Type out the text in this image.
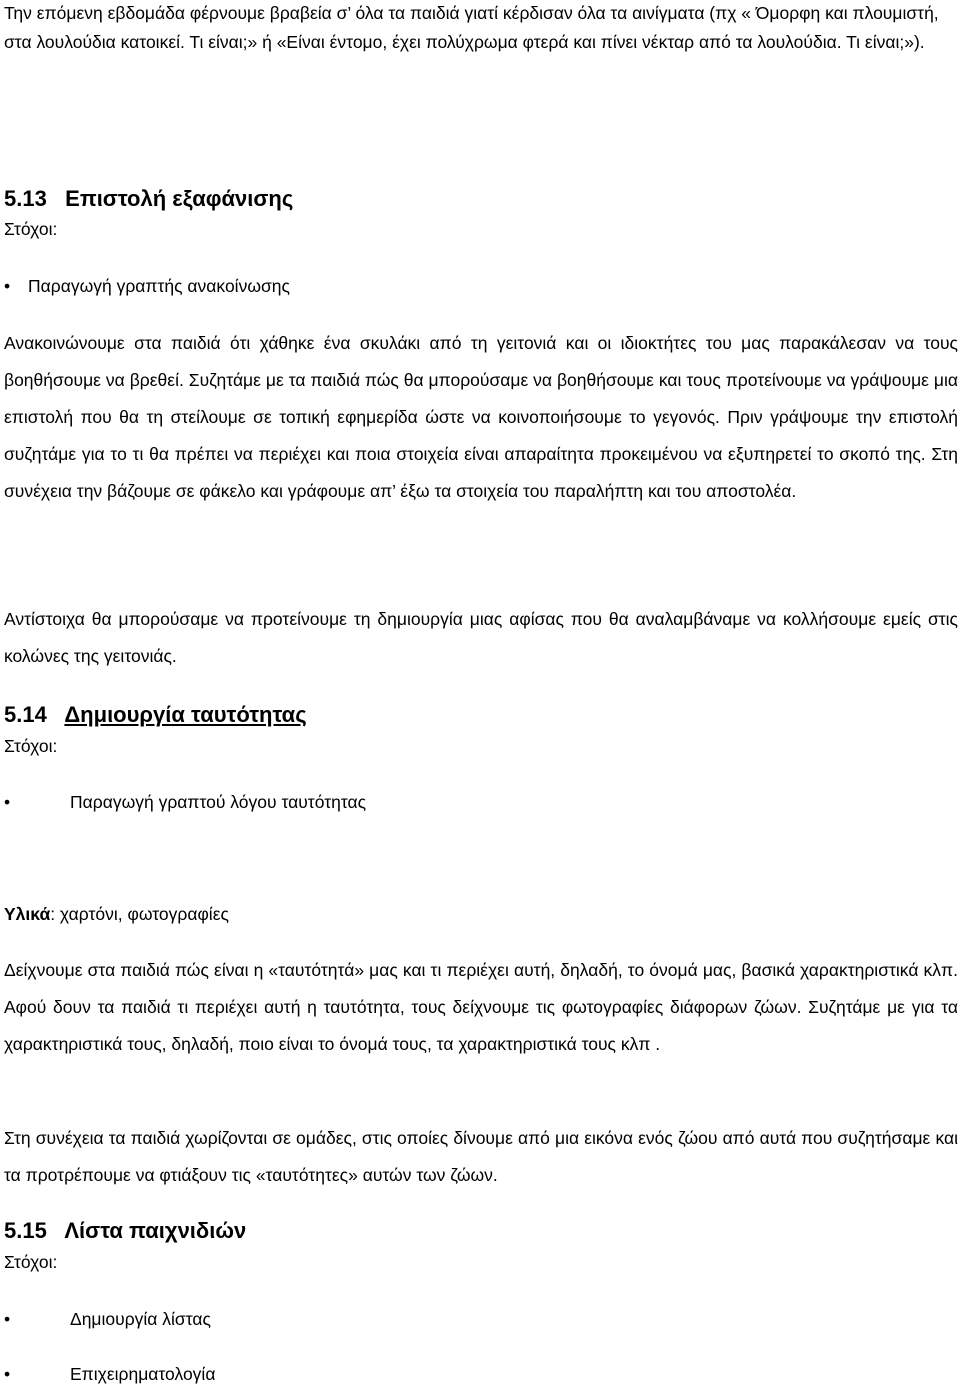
Την επόμενη εβδομάδα φέρνουμε βραβεία σ’ όλα τα παιδιά γιατί κέρδισαν όλα τα αινίγματα (πχ « Όμορφη και πλουμιστή, στα λουλούδια κατοικεί. Τι είναι;» ή «Είναι έντομο, έχει πολύχρωμα φτερά και πίνει νέκταρ από τα λουλούδια. Τι είναι;»).

5.13 Επιστολή εξαφάνισης
Στόχοι:
• Παραγωγή γραπτής ανακοίνωσης

Ανακοινώνουμε στα παιδιά ότι χάθηκε ένα σκυλάκι από τη γειτονιά και οι ιδιοκτήτες του μας παρακάλεσαν να τους βοηθήσουμε να βρεθεί. Συζητάμε με τα παιδιά πώς θα μπορούσαμε να βοηθήσουμε και τους προτείνουμε να γράψουμε μια επιστολή που θα τη στείλουμε σε τοπική εφημερίδα ώστε να κοινοποιήσουμε το γεγονός. Πριν γράψουμε την επιστολή συζητάμε για το τι θα πρέπει να περιέχει και ποια στοιχεία είναι απαραίτητα προκειμένου να εξυπηρετεί το σκοπό της. Στη συνέχεια την βάζουμε σε φάκελο και γράφουμε απ’ έξω τα στοιχεία του παραλήπτη και του αποστολέα.

Αντίστοιχα θα μπορούσαμε να προτείνουμε τη δημιουργία μιας αφίσας που θα αναλαμβάναμε να κολλήσουμε εμείς στις κολώνες της γειτονιάς.

5.14 Δημιουργία ταυτότητας
Στόχοι:
•	Παραγωγή γραπτού λόγου ταυτότητας
Υλικά: χαρτόνι, φωτογραφίες

Δείχνουμε στα παιδιά πώς είναι η «ταυτότητά» μας και τι περιέχει αυτή, δηλαδή, το όνομά μας, βασικά χαρακτηριστικά κλπ. Αφού δουν τα παιδιά τι περιέχει αυτή η ταυτότητα, τους δείχνουμε τις φωτογραφίες διάφορων ζώων. Συζητάμε με για τα χαρακτηριστικά τους, δηλαδή, ποιο είναι το όνομά τους, τα χαρακτηριστικά τους κλπ .

Στη συνέχεια τα παιδιά χωρίζονται σε ομάδες, στις οποίες δίνουμε από μια εικόνα ενός ζώου από αυτά που συζητήσαμε και τα προτρέπουμε να φτιάξουν τις «ταυτότητες» αυτών των ζώων.

5.15 Λίστα παιχνιδιών
Στόχοι:
•	Δημιουργία λίστας
•	Επιχειρηματολογία
